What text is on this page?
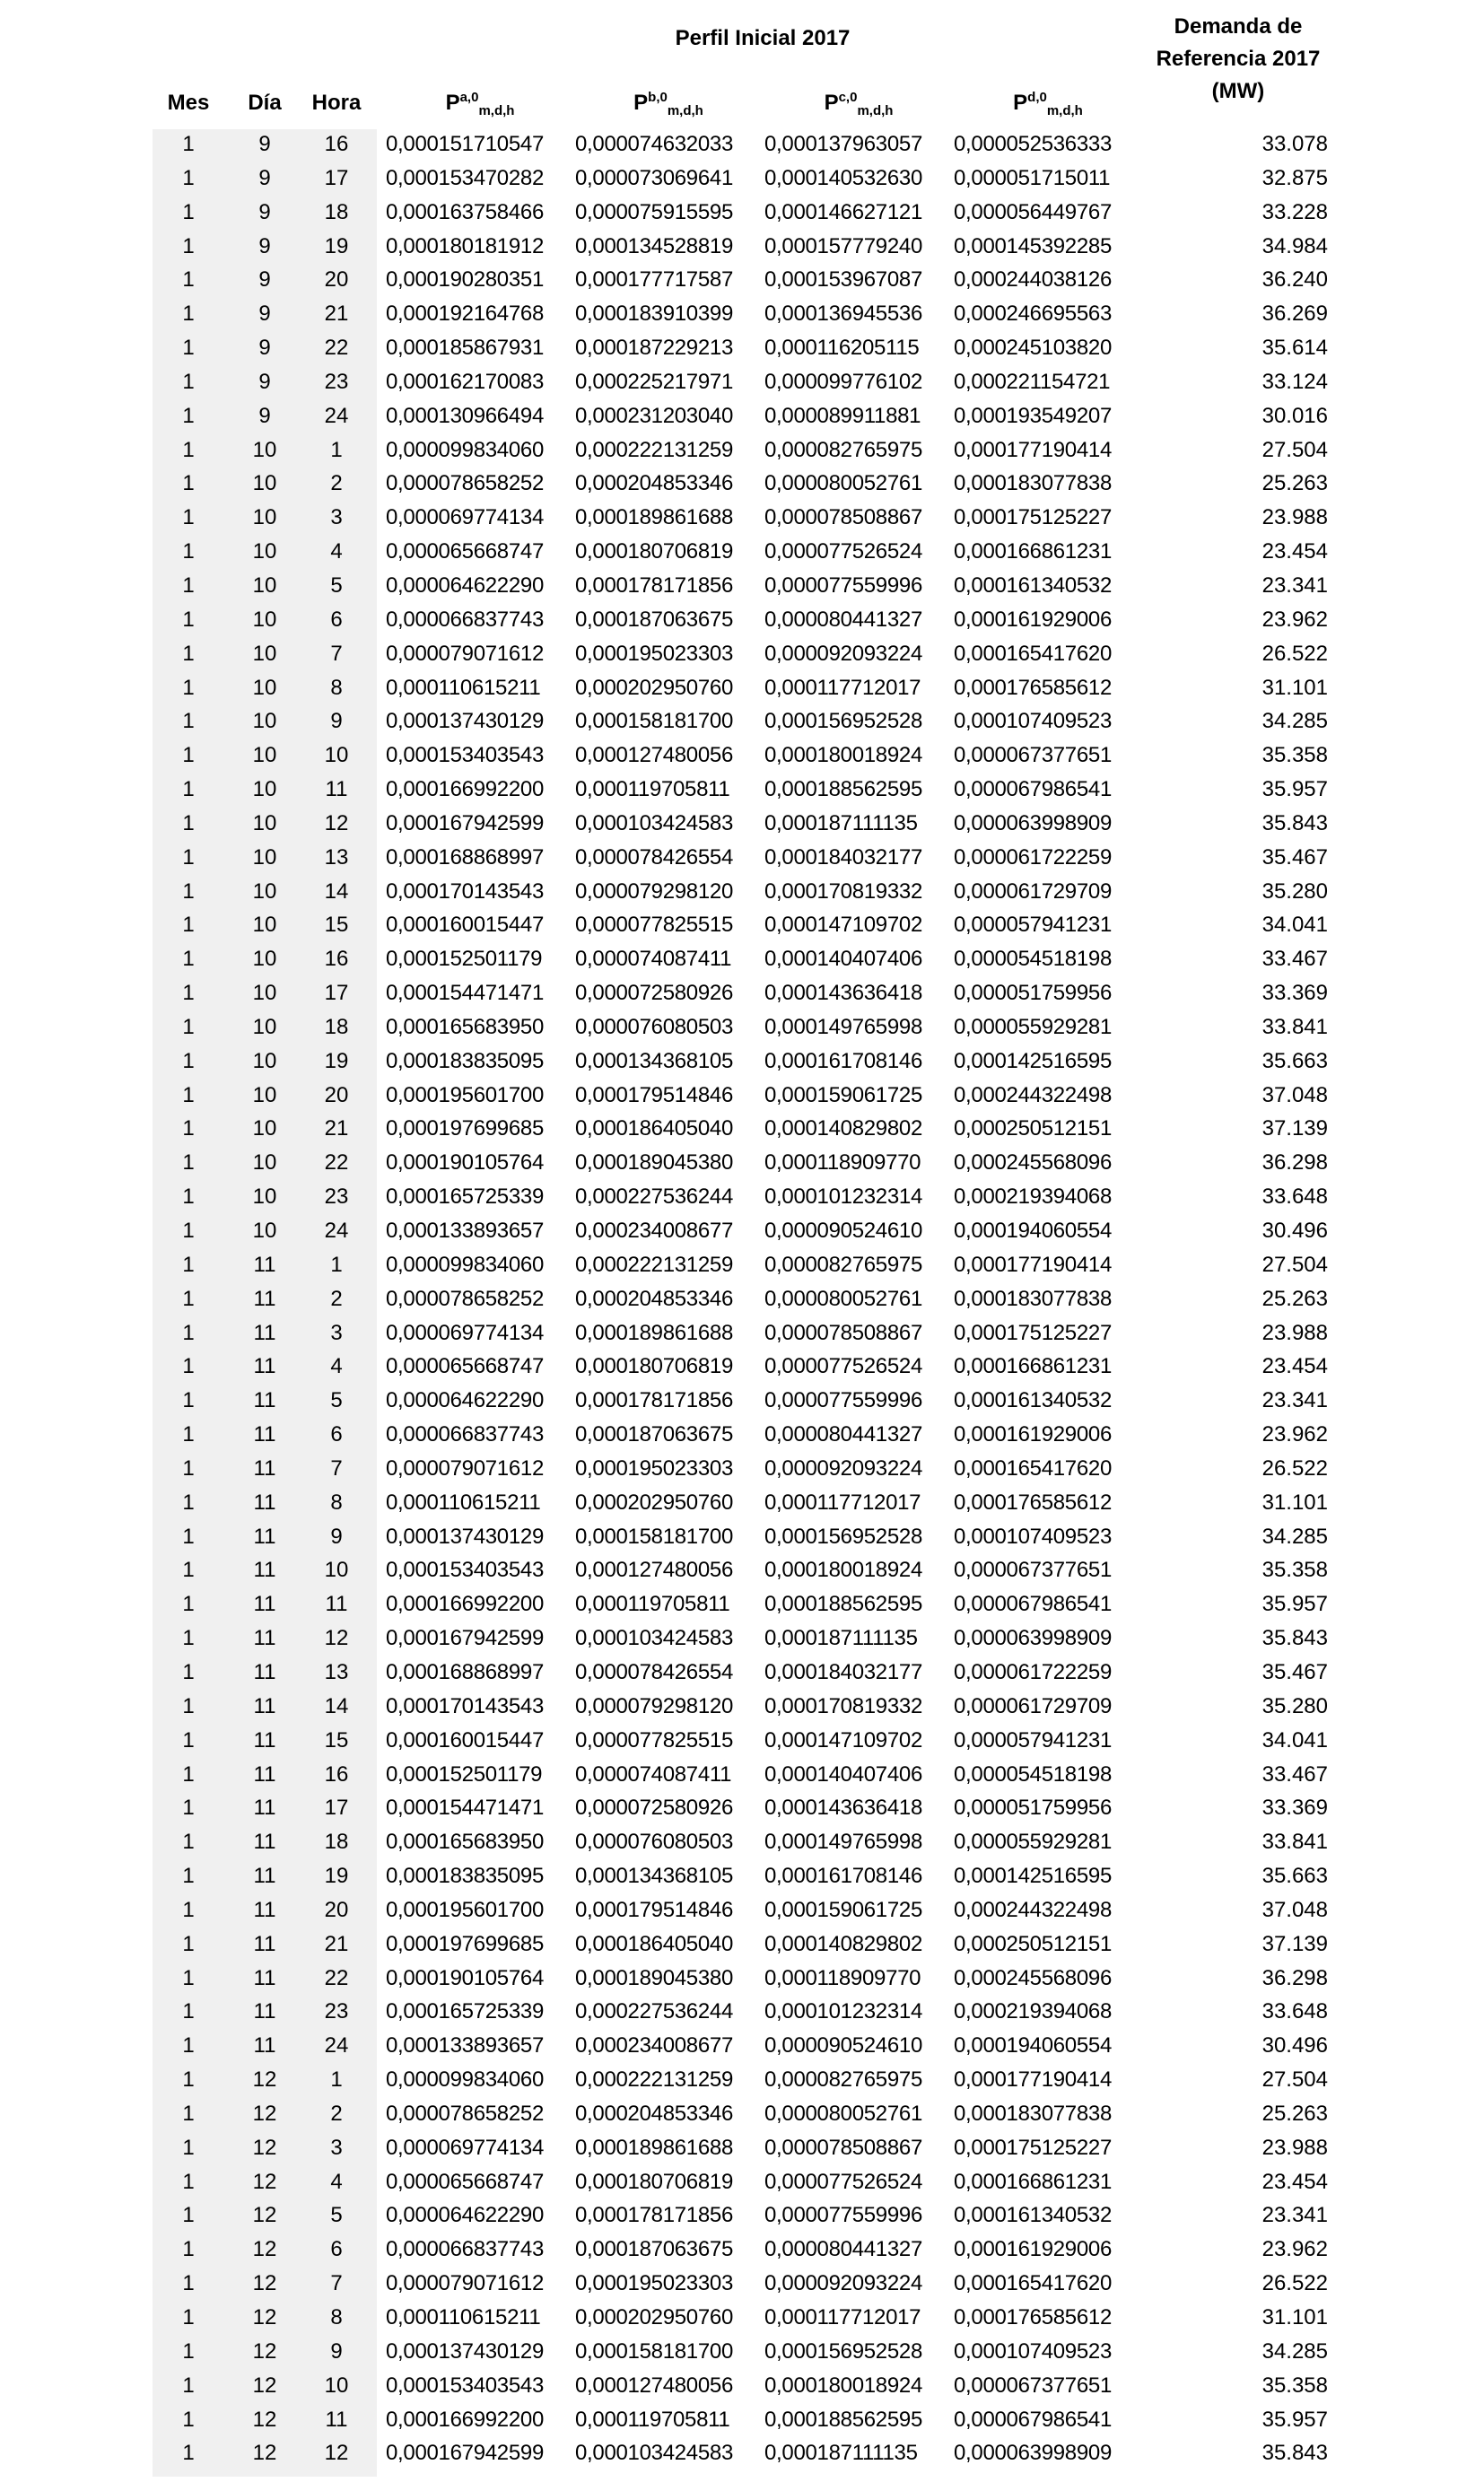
Perfil Inicial 2017	Demanda de
Referencia 2017
(MW)
Mes	Día	Hora	P$^{a,0}_{m,d,h}$	P$^{b,0}_{m,d,h}$	P$^{c,0}_{m,d,h}$	P$^{d,0}_{m,d,h}$
1	9	16	0,000151710547	0,000074632033	0,000137963057	0,000052536333	33.078
1	9	17	0,000153470282	0,000073069641	0,000140532630	0,000051715011	32.875
1	9	18	0,000163758466	0,000075915595	0,000146627121	0,000056449767	33.228
1	9	19	0,000180181912	0,000134528819	0,000157779240	0,000145392285	34.984
1	9	20	0,000190280351	0,000177717587	0,000153967087	0,000244038126	36.240
1	9	21	0,000192164768	0,000183910399	0,000136945536	0,000246695563	36.269
1	9	22	0,000185867931	0,000187229213	0,000116205115	0,000245103820	35.614
1	9	23	0,000162170083	0,000225217971	0,000099776102	0,000221154721	33.124
1	9	24	0,000130966494	0,000231203040	0,000089911881	0,000193549207	30.016
1	10	1	0,000099834060	0,000222131259	0,000082765975	0,000177190414	27.504
1	10	2	0,000078658252	0,000204853346	0,000080052761	0,000183077838	25.263
1	10	3	0,000069774134	0,000189861688	0,000078508867	0,000175125227	23.988
1	10	4	0,000065668747	0,000180706819	0,000077526524	0,000166861231	23.454
1	10	5	0,000064622290	0,000178171856	0,000077559996	0,000161340532	23.341
1	10	6	0,000066837743	0,000187063675	0,000080441327	0,000161929006	23.962
1	10	7	0,000079071612	0,000195023303	0,000092093224	0,000165417620	26.522
1	10	8	0,000110615211	0,000202950760	0,000117712017	0,000176585612	31.101
1	10	9	0,000137430129	0,000158181700	0,000156952528	0,000107409523	34.285
1	10	10	0,000153403543	0,000127480056	0,000180018924	0,000067377651	35.358
1	10	11	0,000166992200	0,000119705811	0,000188562595	0,000067986541	35.957
1	10	12	0,000167942599	0,000103424583	0,000187111135	0,000063998909	35.843
1	10	13	0,000168868997	0,000078426554	0,000184032177	0,000061722259	35.467
1	10	14	0,000170143543	0,000079298120	0,000170819332	0,000061729709	35.280
1	10	15	0,000160015447	0,000077825515	0,000147109702	0,000057941231	34.041
1	10	16	0,000152501179	0,000074087411	0,000140407406	0,000054518198	33.467
1	10	17	0,000154471471	0,000072580926	0,000143636418	0,000051759956	33.369
1	10	18	0,000165683950	0,000076080503	0,000149765998	0,000055929281	33.841
1	10	19	0,000183835095	0,000134368105	0,000161708146	0,000142516595	35.663
1	10	20	0,000195601700	0,000179514846	0,000159061725	0,000244322498	37.048
1	10	21	0,000197699685	0,000186405040	0,000140829802	0,000250512151	37.139
1	10	22	0,000190105764	0,000189045380	0,000118909770	0,000245568096	36.298
1	10	23	0,000165725339	0,000227536244	0,000101232314	0,000219394068	33.648
1	10	24	0,000133893657	0,000234008677	0,000090524610	0,000194060554	30.496
1	11	1	0,000099834060	0,000222131259	0,000082765975	0,000177190414	27.504
1	11	2	0,000078658252	0,000204853346	0,000080052761	0,000183077838	25.263
1	11	3	0,000069774134	0,000189861688	0,000078508867	0,000175125227	23.988
1	11	4	0,000065668747	0,000180706819	0,000077526524	0,000166861231	23.454
1	11	5	0,000064622290	0,000178171856	0,000077559996	0,000161340532	23.341
1	11	6	0,000066837743	0,000187063675	0,000080441327	0,000161929006	23.962
1	11	7	0,000079071612	0,000195023303	0,000092093224	0,000165417620	26.522
1	11	8	0,000110615211	0,000202950760	0,000117712017	0,000176585612	31.101
1	11	9	0,000137430129	0,000158181700	0,000156952528	0,000107409523	34.285
1	11	10	0,000153403543	0,000127480056	0,000180018924	0,000067377651	35.358
1	11	11	0,000166992200	0,000119705811	0,000188562595	0,000067986541	35.957
1	11	12	0,000167942599	0,000103424583	0,000187111135	0,000063998909	35.843
1	11	13	0,000168868997	0,000078426554	0,000184032177	0,000061722259	35.467
1	11	14	0,000170143543	0,000079298120	0,000170819332	0,000061729709	35.280
1	11	15	0,000160015447	0,000077825515	0,000147109702	0,000057941231	34.041
1	11	16	0,000152501179	0,000074087411	0,000140407406	0,000054518198	33.467
1	11	17	0,000154471471	0,000072580926	0,000143636418	0,000051759956	33.369
1	11	18	0,000165683950	0,000076080503	0,000149765998	0,000055929281	33.841
1	11	19	0,000183835095	0,000134368105	0,000161708146	0,000142516595	35.663
1	11	20	0,000195601700	0,000179514846	0,000159061725	0,000244322498	37.048
1	11	21	0,000197699685	0,000186405040	0,000140829802	0,000250512151	37.139
1	11	22	0,000190105764	0,000189045380	0,000118909770	0,000245568096	36.298
1	11	23	0,000165725339	0,000227536244	0,000101232314	0,000219394068	33.648
1	11	24	0,000133893657	0,000234008677	0,000090524610	0,000194060554	30.496
1	12	1	0,000099834060	0,000222131259	0,000082765975	0,000177190414	27.504
1	12	2	0,000078658252	0,000204853346	0,000080052761	0,000183077838	25.263
1	12	3	0,000069774134	0,000189861688	0,000078508867	0,000175125227	23.988
1	12	4	0,000065668747	0,000180706819	0,000077526524	0,000166861231	23.454
1	12	5	0,000064622290	0,000178171856	0,000077559996	0,000161340532	23.341
1	12	6	0,000066837743	0,000187063675	0,000080441327	0,000161929006	23.962
1	12	7	0,000079071612	0,000195023303	0,000092093224	0,000165417620	26.522
1	12	8	0,000110615211	0,000202950760	0,000117712017	0,000176585612	31.101
1	12	9	0,000137430129	0,000158181700	0,000156952528	0,000107409523	34.285
1	12	10	0,000153403543	0,000127480056	0,000180018924	0,000067377651	35.358
1	12	11	0,000166992200	0,000119705811	0,000188562595	0,000067986541	35.957
1	12	12	0,000167942599	0,000103424583	0,000187111135	0,000063998909	35.843
